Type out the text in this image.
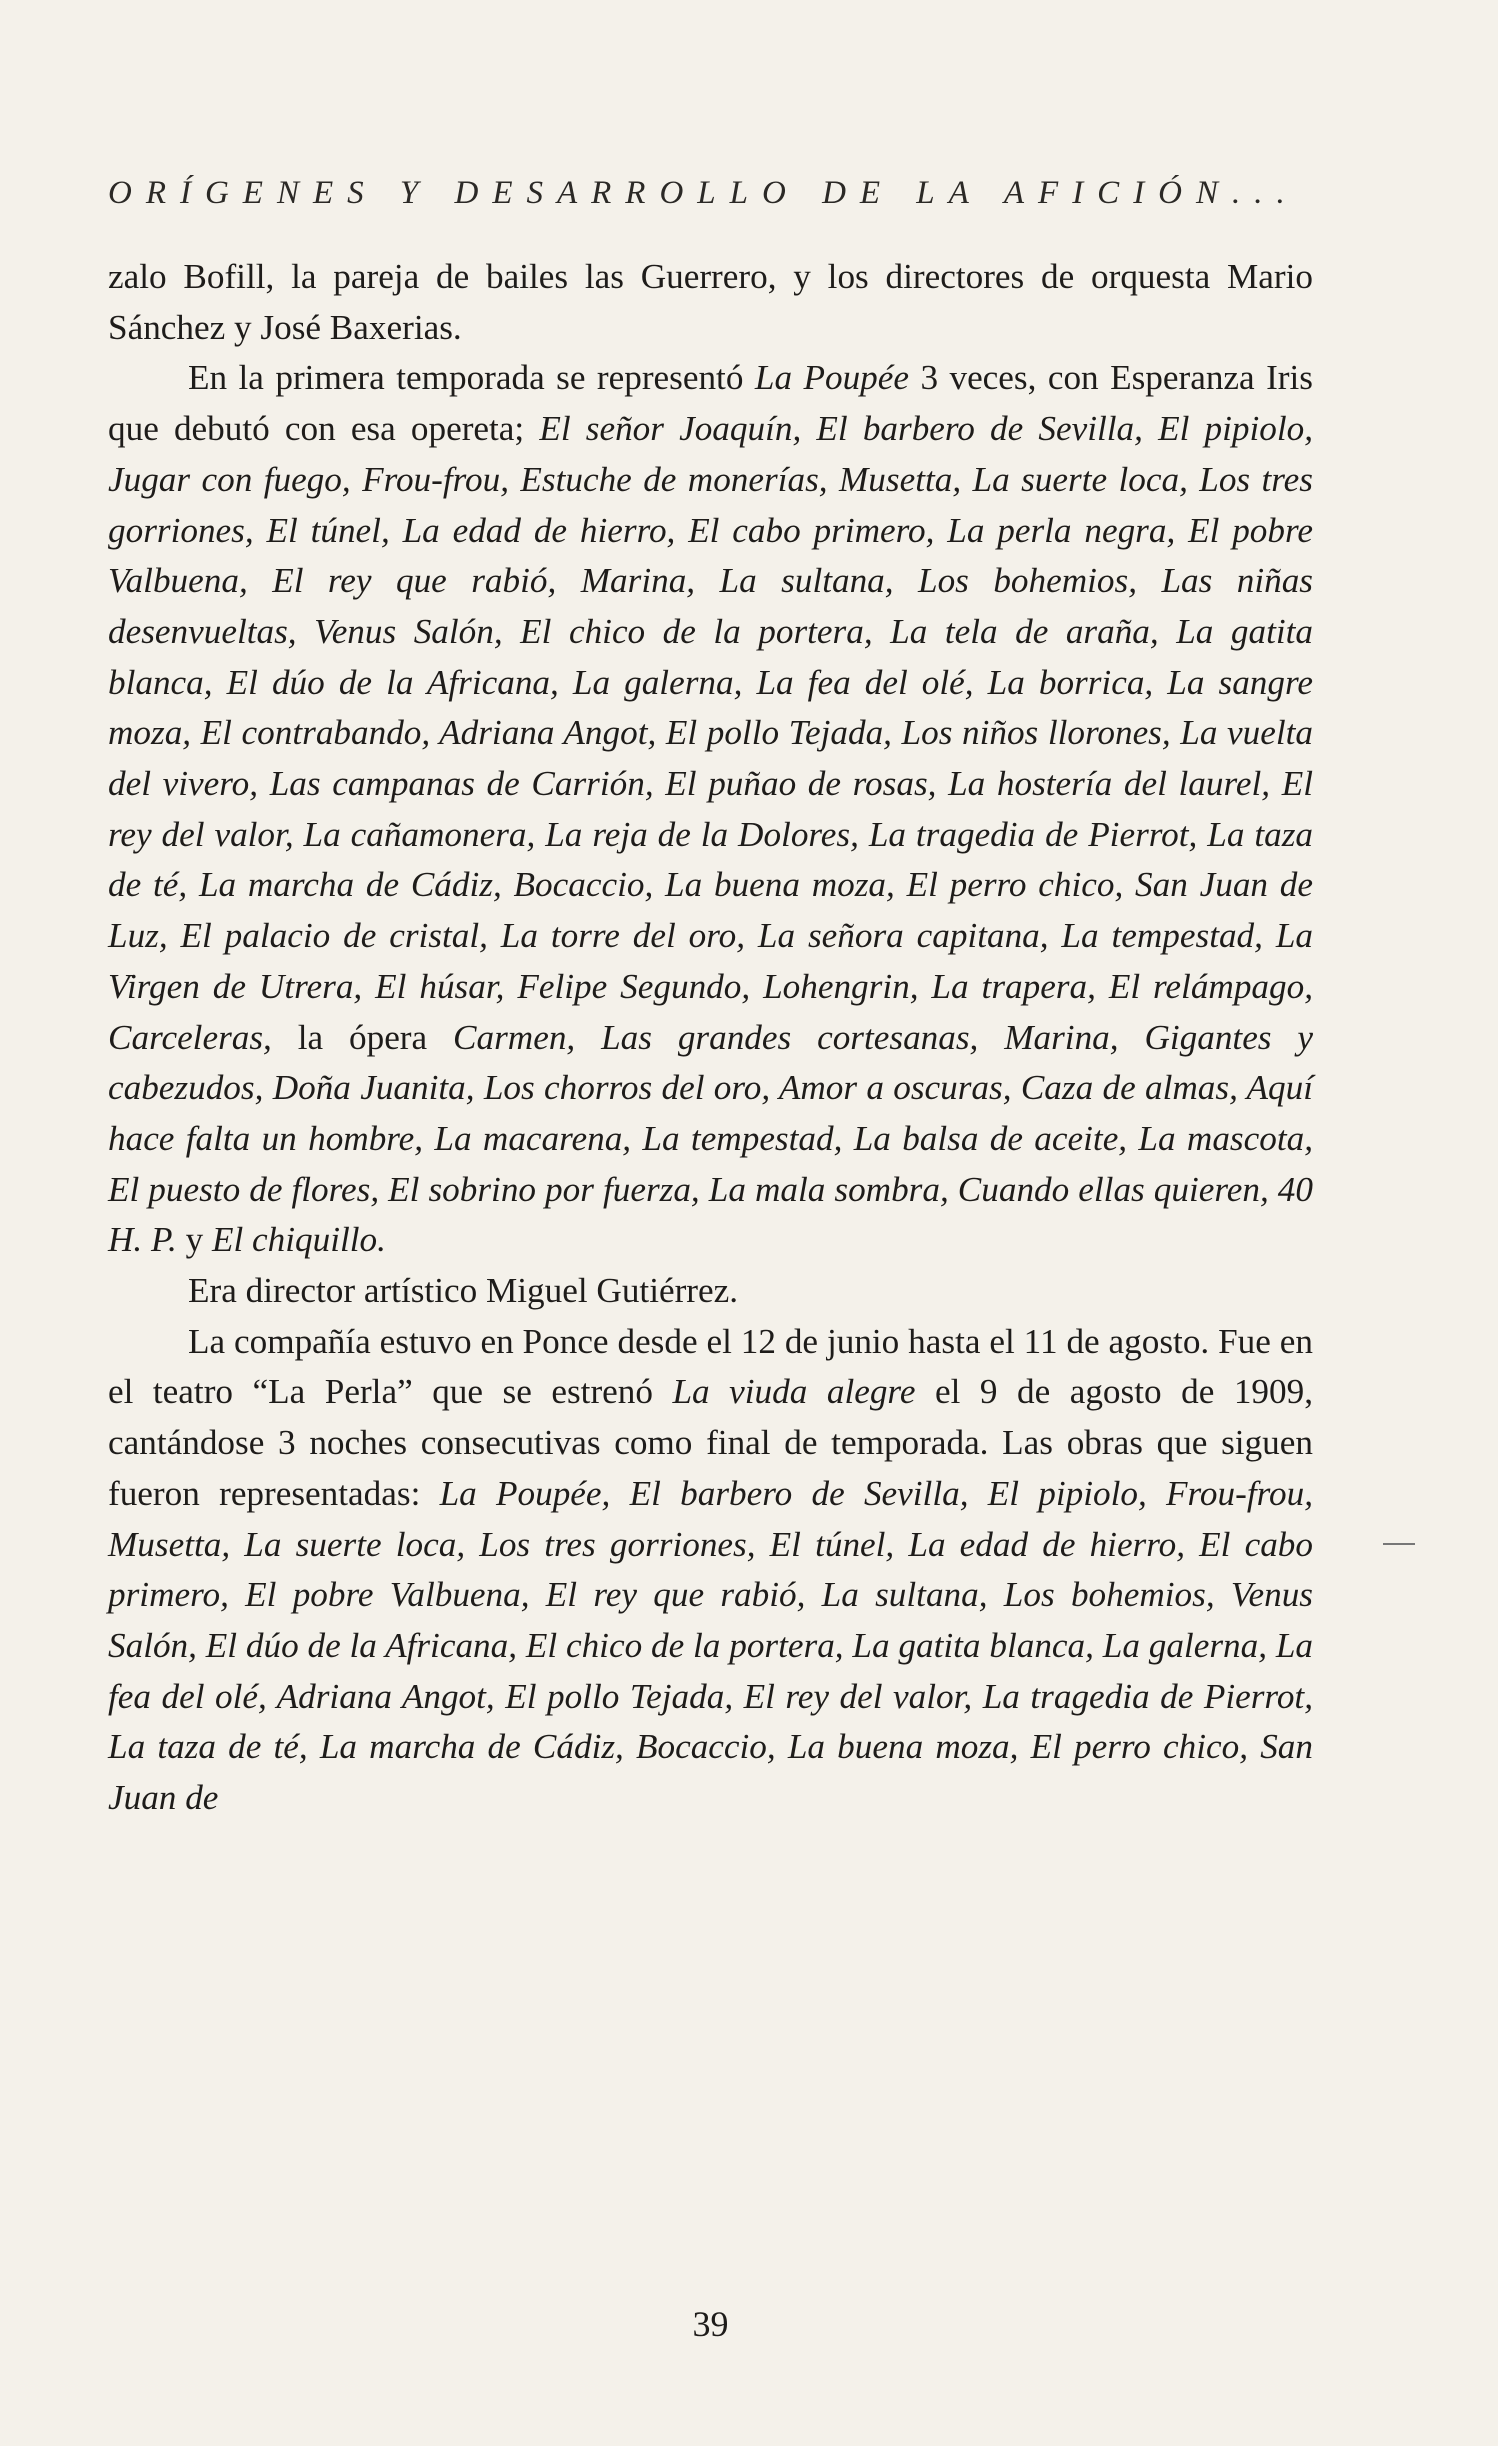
ORÍGENES Y DESARROLLO DE LA AFICIÓN...

zalo Bofill, la pareja de bailes las Guerrero, y los directores de orquesta Mario Sánchez y José Baxerias.

En la primera temporada se representó La Poupée 3 veces, con Esperanza Iris que debutó con esa opereta; El señor Joaquín, El barbero de Sevilla, El pipiolo, Jugar con fuego, Frou-frou, Estuche de monerías, Musetta, La suerte loca, Los tres gorriones, El túnel, La edad de hierro, El cabo primero, La perla negra, El pobre Valbuena, El rey que rabió, Marina, La sultana, Los bohemios, Las niñas desenvueltas, Venus Salón, El chico de la portera, La tela de araña, La gatita blanca, El dúo de la Africana, La galerna, La fea del olé, La borrica, La sangre moza, El contrabando, Adriana Angot, El pollo Tejada, Los niños llorones, La vuelta del vivero, Las campanas de Carrión, El puñao de rosas, La hostería del laurel, El rey del valor, La cañamonera, La reja de la Dolores, La tragedia de Pierrot, La taza de té, La marcha de Cádiz, Bocaccio, La buena moza, El perro chico, San Juan de Luz, El palacio de cristal, La torre del oro, La señora capitana, La tempestad, La Virgen de Utrera, El húsar, Felipe Segundo, Lohengrin, La trapera, El relámpago, Carceleras, la ópera Carmen, Las grandes cortesanas, Marina, Gigantes y cabezudos, Doña Juanita, Los chorros del oro, Amor a oscuras, Caza de almas, Aquí hace falta un hombre, La macarena, La tempestad, La balsa de aceite, La mascota, El puesto de flores, El sobrino por fuerza, La mala sombra, Cuando ellas quieren, 40 H. P. y El chiquillo.

Era director artístico Miguel Gutiérrez.

La compañía estuvo en Ponce desde el 12 de junio hasta el 11 de agosto. Fue en el teatro “La Perla” que se estrenó La viuda alegre el 9 de agosto de 1909, cantándose 3 noches consecutivas como final de temporada. Las obras que siguen fueron representadas: La Poupée, El barbero de Sevilla, El pipiolo, Frou-frou, Musetta, La suerte loca, Los tres gorriones, El túnel, La edad de hierro, El cabo primero, El pobre Valbuena, El rey que rabió, La sultana, Los bohemios, Venus Salón, El dúo de la Africana, El chico de la portera, La gatita blanca, La galerna, La fea del olé, Adriana Angot, El pollo Tejada, El rey del valor, La tragedia de Pierrot, La taza de té, La marcha de Cádiz, Bocaccio, La buena moza, El perro chico, San Juan de

39
